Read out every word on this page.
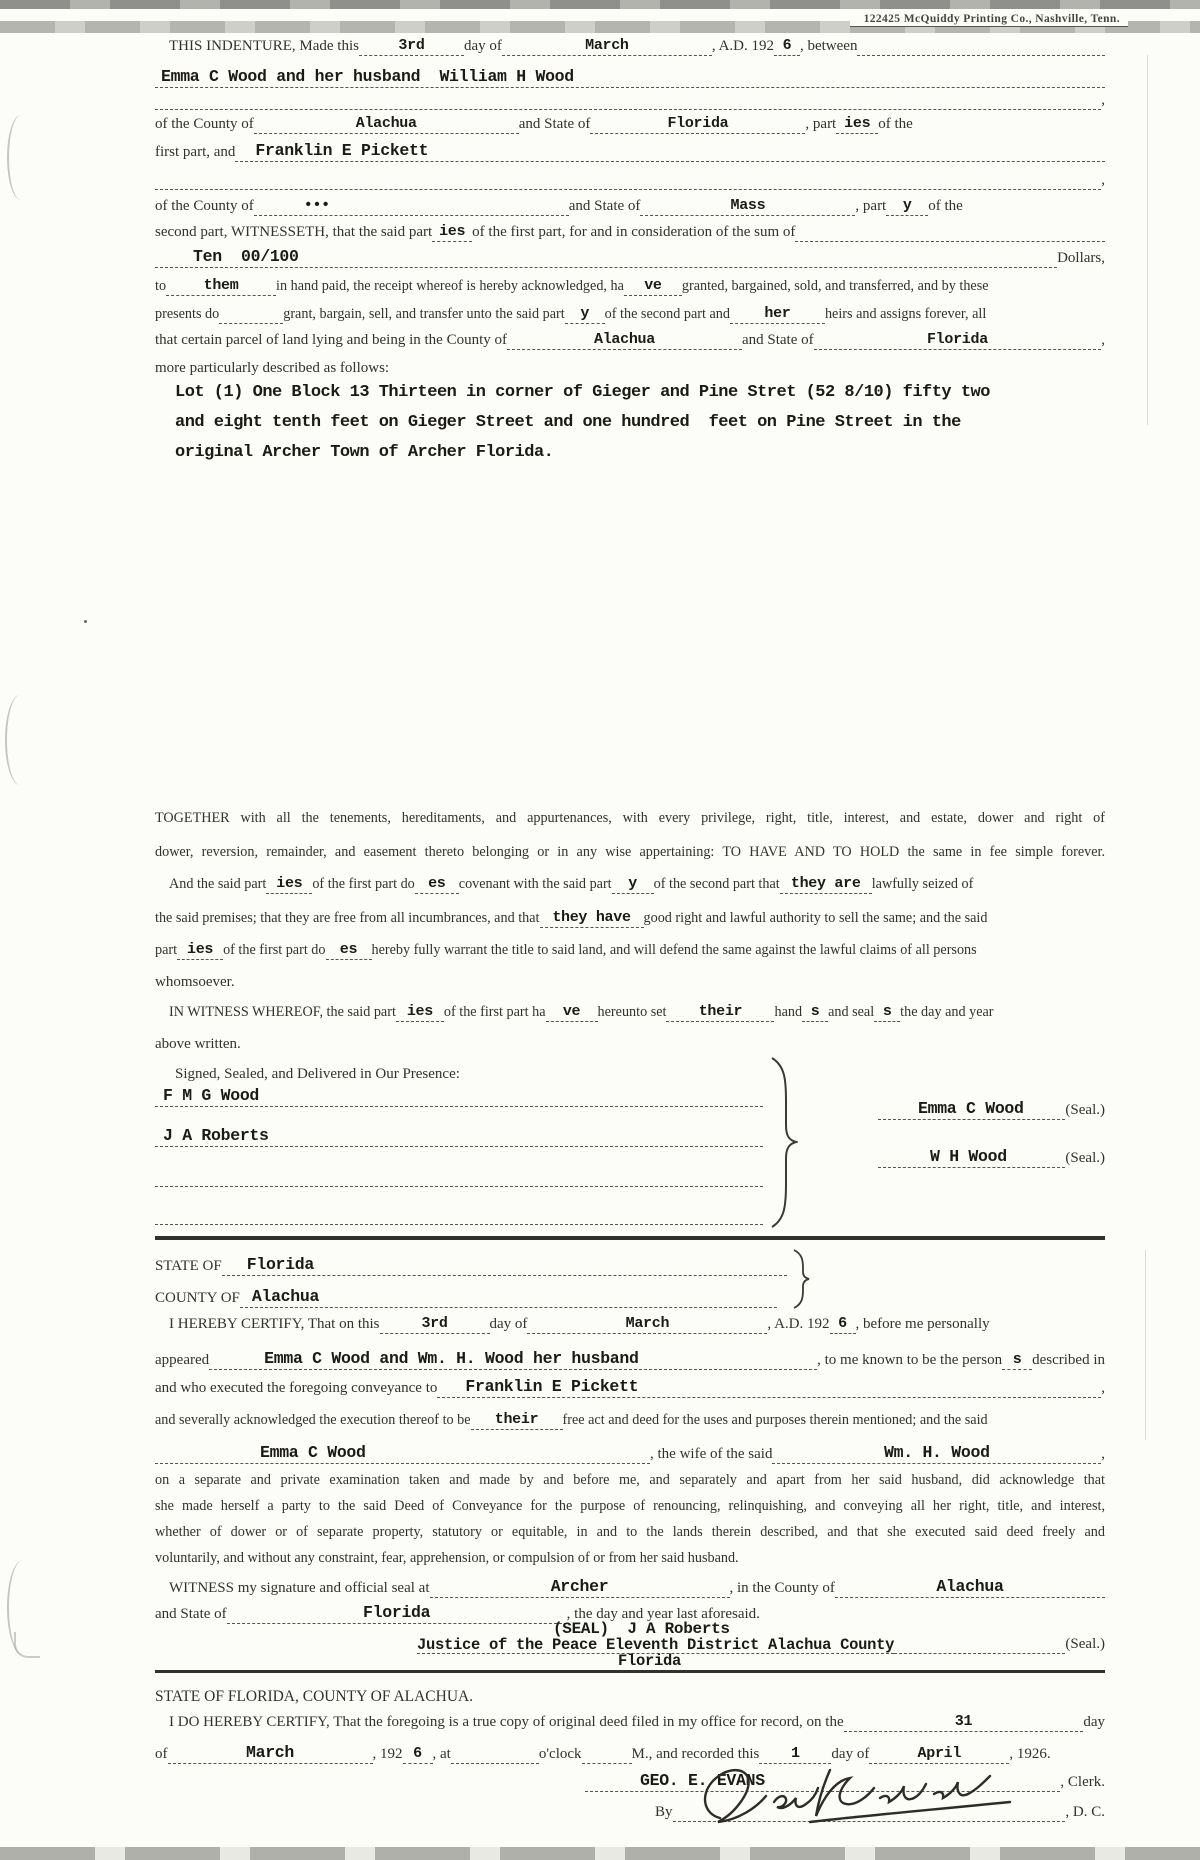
122425 McQuiddy Printing Co., Nashville, Tenn.
THIS INDENTURE, Made this	3rd	day of	March	, A.D. 192 6 , between
Emma C Wood and her husband  William H Wood
,
of the County of	Alachua	and State of	Florida	, part ies of the
first part, and Franklin E Pickett
,
of the County of	•••	and State of	Mass	, part y of the
second part, WITNESSETH, that the said part ies of the first part, for and in consideration of the sum of
Ten  00/100	Dollars,
to	them	in hand paid, the receipt whereof is hereby acknowledged, ha ve granted, bargained, sold, and transferred, and by these
presents do	grant, bargain, sell, and transfer unto the said part y of the second part and her heirs and assigns forever, all
that certain parcel of land lying and being in the County of	Alachua	and State of	Florida	,
more particularly described as follows:
Lot (1) One Block 13 Thirteen in corner of Gieger and Pine Stret (52 8/10) fifty two
and eight tenth feet on Gieger Street and one hundred  feet on Pine Street in the
original Archer Town of Archer Florida.
TOGETHER with all the tenements, hereditaments, and appurtenances, with every privilege, right, title, interest, and estate, dower and right of
dower, reversion, remainder, and easement thereto belonging or in any wise appertaining: TO HAVE AND TO HOLD the same in fee simple forever.
And the said part ies of the first part do es covenant with the said part y of the second part that they are lawfully seized of
the said premises; that they are free from all incumbrances, and that they have good right and lawful authority to sell the same; and the said
part ies of the first part do es hereby fully warrant the title to said land, and will defend the same against the lawful claims of all persons
whomsoever.
IN WITNESS WHEREOF, the said part ies of the first part ha ve hereunto set their hand s and seal s the day and year
above written.
Signed, Sealed, and Delivered in Our Presence:
F M G Wood
J A Roberts
Emma C Wood	(Seal.)
W H Wood	(Seal.)
STATE OF Florida
COUNTY OF Alachua
I HEREBY CERTIFY, That on this	3rd	day of	March	, A.D. 192 6 , before me personally
appeared	Emma C Wood and Wm. H. Wood her husband	, to me known to be the person s described in
and who executed the foregoing conveyance to Franklin E Pickett	,
and severally acknowledged the execution thereof to be their free act and deed for the uses and purposes therein mentioned; and the said
Emma C Wood	, the wife of the said	Wm. H. Wood	,
on a separate and private examination taken and made by and before me, and separately and apart from her said husband, did acknowledge that
she made herself a party to the said Deed of Conveyance for the purpose of renouncing, relinquishing, and conveying all her right, title, and interest,
whether of dower or of separate property, statutory or equitable, in and to the lands therein described, and that she executed said deed freely and
voluntarily, and without any constraint, fear, apprehension, or compulsion of or from her said husband.
WITNESS my signature and official seal at	Archer	, in the County of	Alachua
and State of	Florida	, the day and year last aforesaid.
(SEAL)  J A Roberts
Justice of the Peace Eleventh District Alachua County	(Seal.)
Florida
STATE OF FLORIDA, COUNTY OF ALACHUA.
I DO HEREBY CERTIFY, That the foregoing is a true copy of original deed filed in my office for record, on the	31	day
of	March	, 192 6 , at	o'clock	M., and recorded this 1 day of	April	, 1926.
GEO. E. EVANS	, Clerk.
By	, D. C.
